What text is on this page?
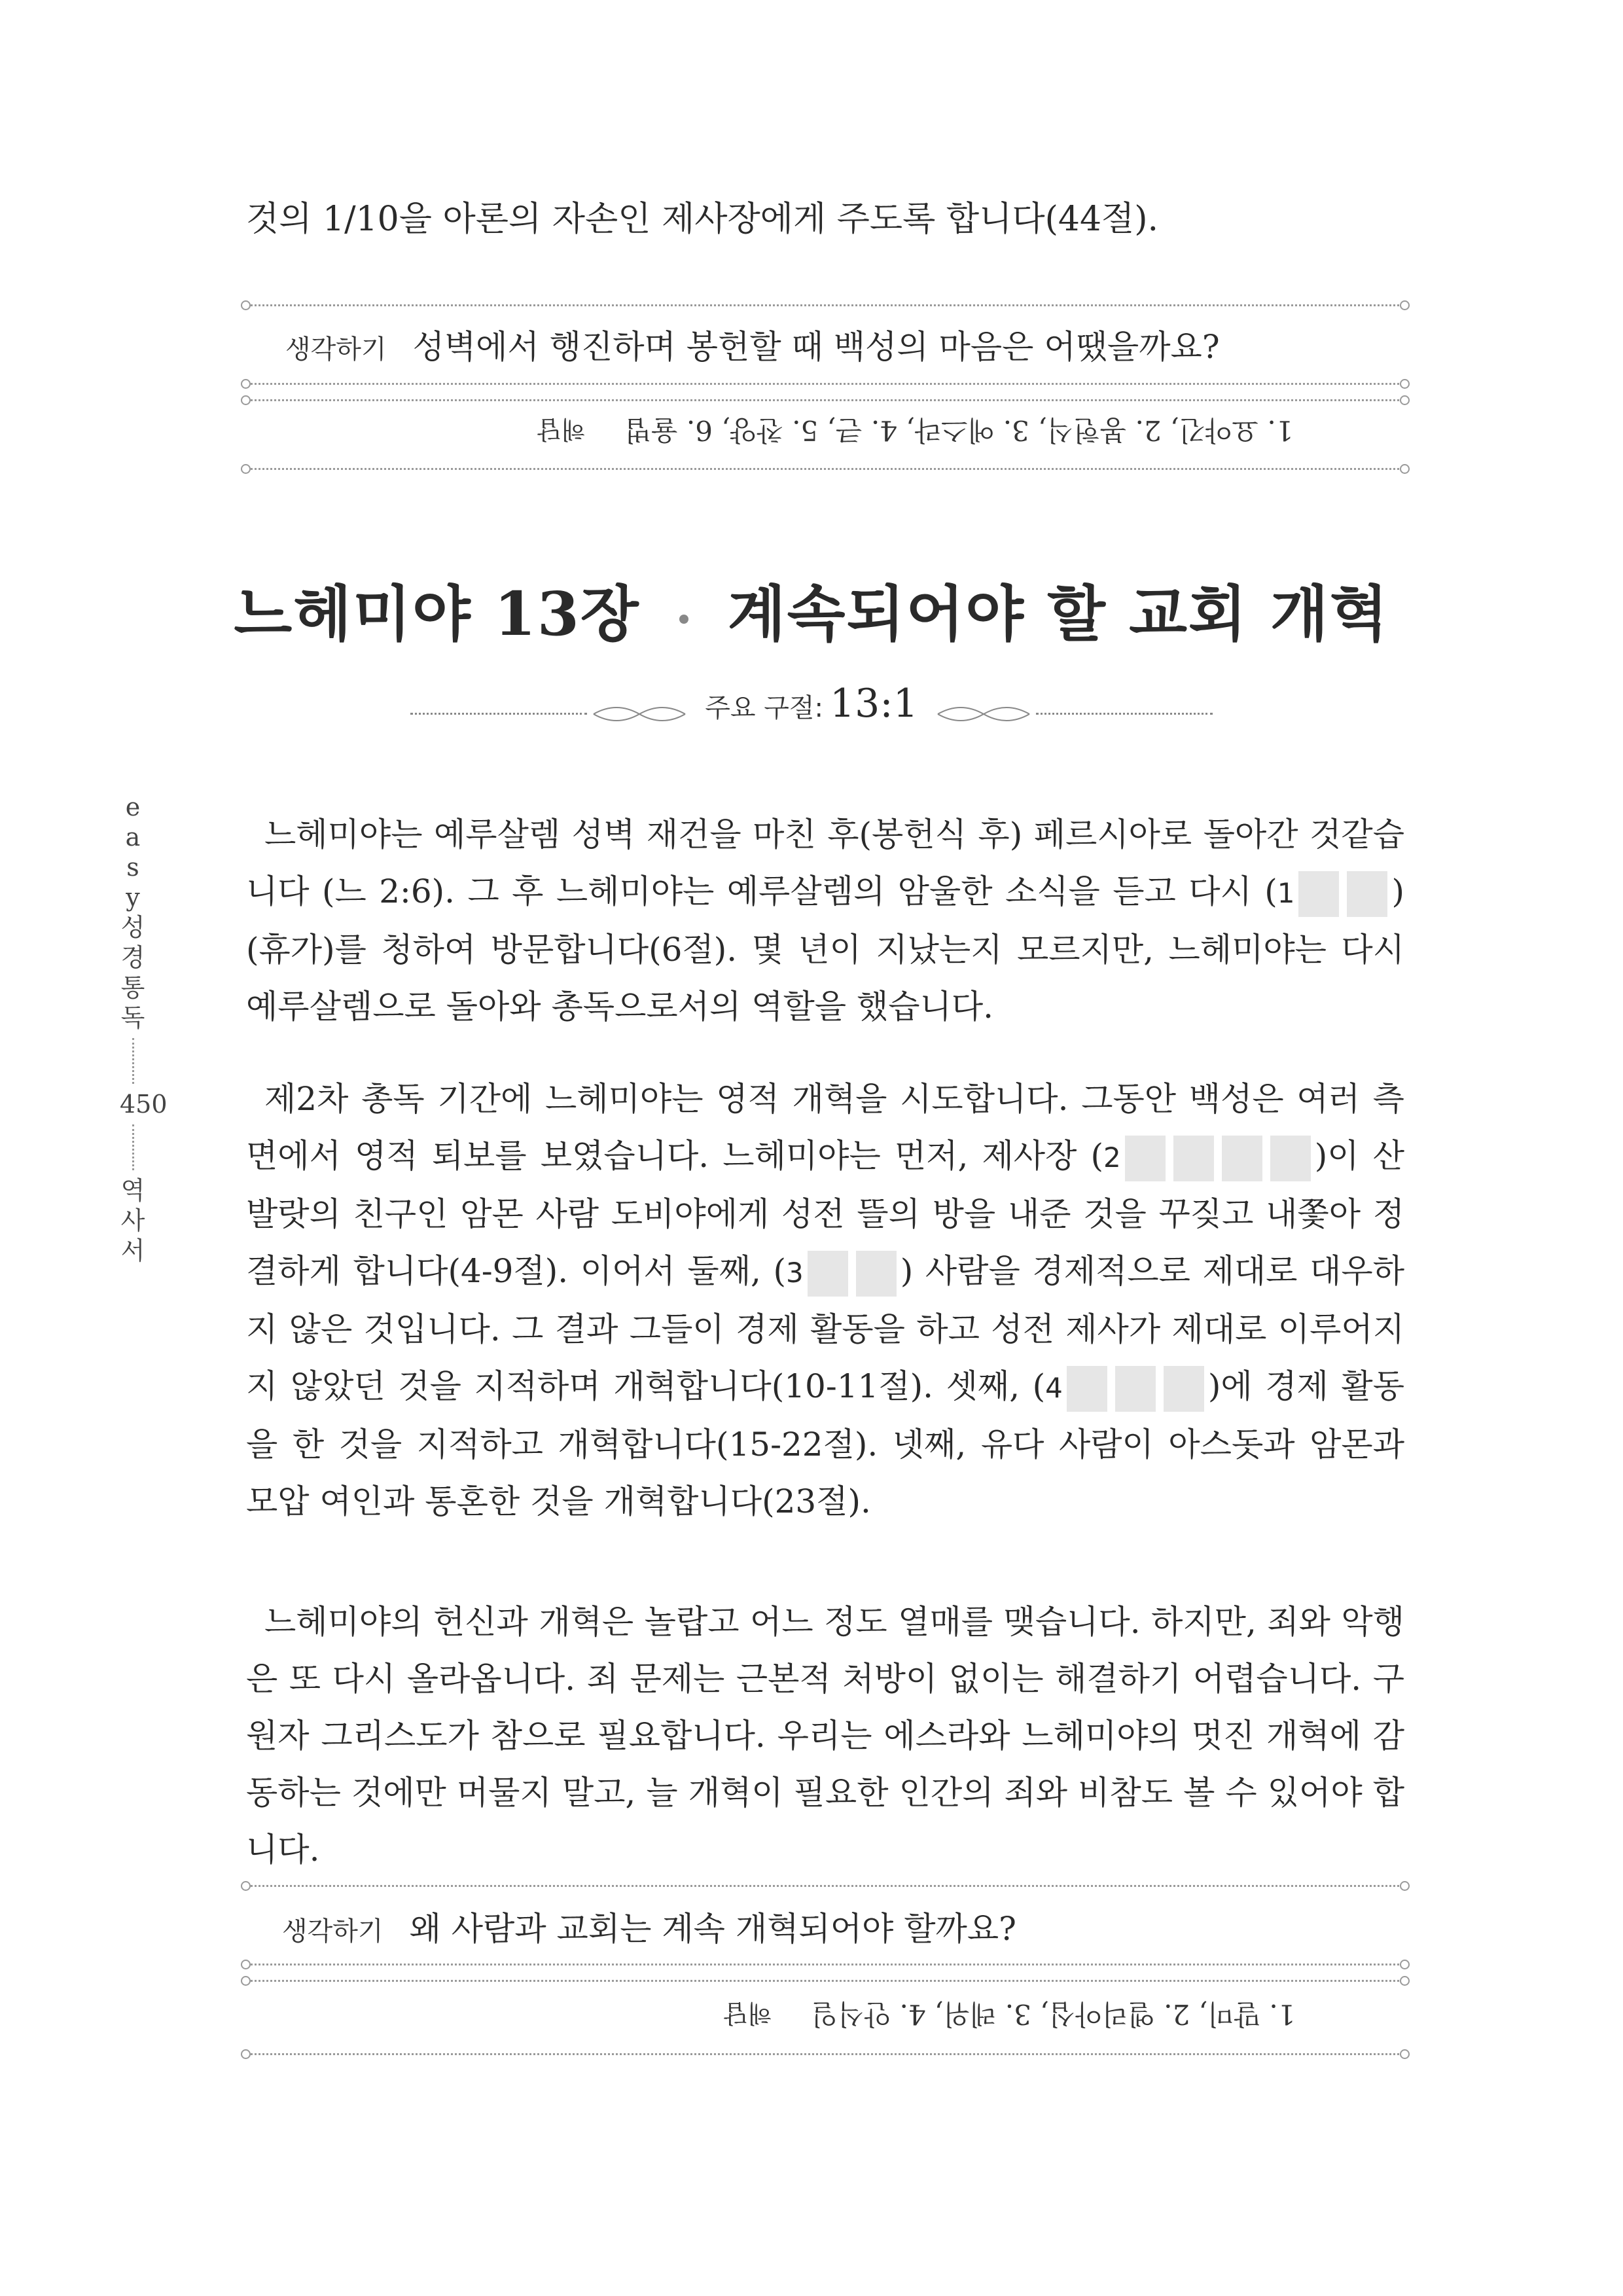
것의 1/10을 아론의 자손인 제사장에게 주도록 합니다(44절).
생각하기 성벽에서 행진하며 봉헌할 때 백성의 마음은 어땠을까요?
1. 요야긴, 2. 봉헌식, 3. 에스라, 4. 큰, 5. 찬양, 6. 율법해답
느헤미야 13장 계속되어야 할 교회 개혁
주요 구절: 13:1
e
a
s
y
성
경
통
독
450
역
사
서

느헤미야는 예루살렘 성벽 재건을 마친 후(봉헌식 후) 페르시아로 돌아간 것같습니다 (느 2:6). 그 후 느헤미야는 예루살렘의 암울한 소식을 듣고 다시 (1	)(휴가)를 청하여 방문합니다(6절). 몇 년이 지났는지 모르지만, 느헤미야는 다시 예루살렘으로 돌아와 총독으로서의 역할을 했습니다.

제2차 총독 기간에 느헤미야는 영적 개혁을 시도합니다. 그동안 백성은 여러 측면에서 영적 퇴보를 보였습니다. 느헤미야는 먼저, 제사장 (2	)이 산발랏의 친구인 암몬 사람 도비야에게 성전 뜰의 방을 내준 것을 꾸짖고 내쫓아 정결하게 합니다(4-9절). 이어서 둘째, (3	) 사람을 경제적으로 제대로 대우하지 않은 것입니다. 그 결과 그들이 경제 활동을 하고 성전 제사가 제대로 이루어지지 않았던 것을 지적하며 개혁합니다(10-11절). 셋째, (4	)에 경제 활동을 한 것을 지적하고 개혁합니다(15-22절). 넷째, 유다 사람이 아스돗과 암몬과 모압 여인과 통혼한 것을 개혁합니다(23절).

느헤미야의 헌신과 개혁은 놀랍고 어느 정도 열매를 맺습니다. 하지만, 죄와 악행은 또 다시 올라옵니다. 죄 문제는 근본적 처방이 없이는 해결하기 어렵습니다. 구원자 그리스도가 참으로 필요합니다. 우리는 에스라와 느헤미야의 멋진 개혁에 감동하는 것에만 머물지 말고, 늘 개혁이 필요한 인간의 죄와 비참도 볼 수 있어야 합니다.

생각하기 왜 사람과 교회는 계속 개혁되어야 할까요?
1. 말미, 2. 엘리아십, 3. 레위, 4. 안식일해답
